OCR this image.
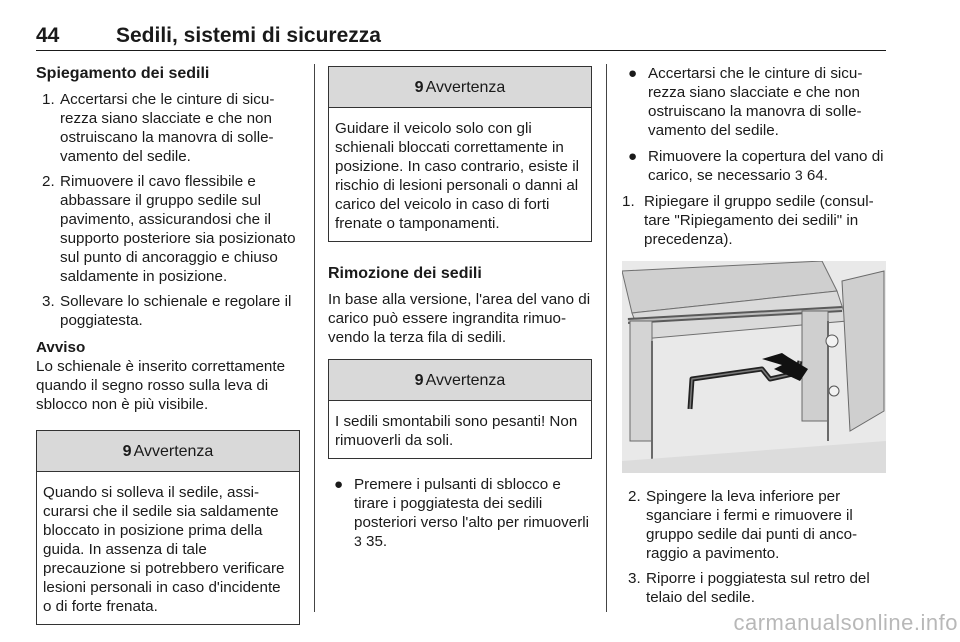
44	Sedili, sistemi di sicurezza
Spiegamento dei sedili
1. Accertarsi che le cinture di sicurezza siano slacciate e che non ostruiscano la manovra di sollevamento del sedile.
2. Rimuovere il cavo flessibile e abbassare il gruppo sedile sul pavimento, assicurandosi che il supporto posteriore sia posizionato sul punto di ancoraggio e chiuso saldamente in posizione.
3. Sollevare lo schienale e regolare il poggiatesta.

Avviso
Lo schienale è inserito correttamente quando il segno rosso sulla leva di sblocco non è più visibile.

9 Avvertenza
Quando si solleva il sedile, assicurarsi che il sedile sia saldamente bloccato in posizione prima della guida. In assenza di tale precauzione si potrebbero verificare lesioni personali in caso d'incidente o di forte frenata.
9 Avvertenza
Guidare il veicolo solo con gli schienali bloccati correttamente in posizione. In caso contrario, esiste il rischio di lesioni personali o danni al carico del veicolo in caso di forti frenate o tamponamenti.
Rimozione dei sedili

In base alla versione, l'area del vano di carico può essere ingrandita rimuovendo la terza fila di sedili.

9 Avvertenza
I sedili smontabili sono pesanti! Non rimuoverli da soli.
● Premere i pulsanti di sblocco e tirare i poggiatesta dei sedili posteriori verso l'alto per rimuoverli 3 35.
● Accertarsi che le cinture di sicurezza siano slacciate e che non ostruiscano la manovra di sollevamento del sedile.
● Rimuovere la copertura del vano di carico, se necessario 3 64.
1. Ripiegare il gruppo sedile (consultare "Ripiegamento dei sedili" in precedenza).
2. Spingere la leva inferiore per sganciare i fermi e rimuovere il gruppo sedile dai punti di ancoraggio a pavimento.
3. Riporre i poggiatesta sul retro del telaio del sedile.
carmanualsonline.info
